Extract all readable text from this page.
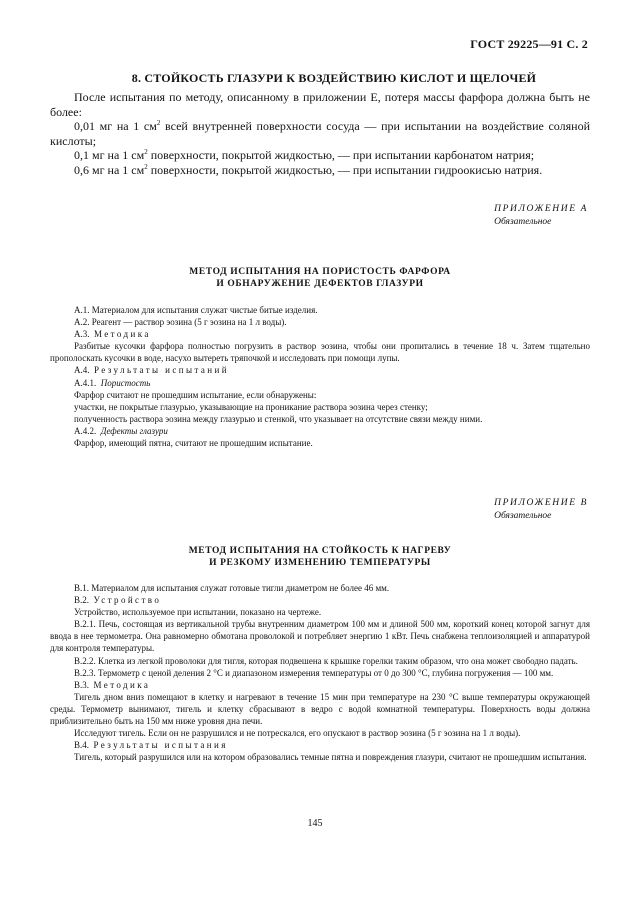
ГОСТ 29225—91 С. 2
8. СТОЙКОСТЬ ГЛАЗУРИ К ВОЗДЕЙСТВИЮ КИСЛОТ И ЩЕЛОЧЕЙ

После испытания по методу, описанному в приложении Е, потеря массы фарфора должна быть не более:

0,01 мг на 1 $см^2$ всей внутренней поверхности сосуда — при испытании на воздействие соляной кислоты;

0,1 мг на 1 $см^2$ поверхности, покрытой жидкостью, — при испытании карбонатом натрия;

0,6 мг на 1 $см^2$ поверхности, покрытой жидкостью, — при испытании гидроокисью натрия.

ПРИЛОЖЕНИЕ А
Обязательное
МЕТОД ИСПЫТАНИЯ НА ПОРИСТОСТЬ ФАРФОРА
И ОБНАРУЖЕНИЕ ДЕФЕКТОВ ГЛАЗУРИ

А.1. Материалом для испытания служат чистые битые изделия.

А.2. Реагент — раствор эозина (5 г эозина на 1 л воды).

А.3. Методика

Разбитые кусочки фарфора полностью погрузить в раствор эозина, чтобы они пропитались в течение 18 ч. Затем тщательно прополоскать кусочки в воде, насухо вытереть тряпочкой и исследовать при помощи лупы.

А.4. Результаты испытаний

А.4.1. Пористость

Фарфор считают не прошедшим испытание, если обнаружены:

участки, не покрытые глазурью, указывающие на проникание раствора эозина через стенку;

полученность раствора эозина между глазурью и стенкой, что указывает на отсутствие связи между ними.

А.4.2. Дефекты глазури

Фарфор, имеющий пятна, считают не прошедшим испытание.

ПРИЛОЖЕНИЕ В
Обязательное
МЕТОД ИСПЫТАНИЯ НА СТОЙКОСТЬ К НАГРЕВУ
И РЕЗКОМУ ИЗМЕНЕНИЮ ТЕМПЕРАТУРЫ

В.1. Материалом для испытания служат готовые тигли диаметром не более 46 мм.

В.2. Устройство

Устройство, используемое при испытании, показано на чертеже.

В.2.1. Печь, состоящая из вертикальной трубы внутренним диаметром 100 мм и длиной 500 мм, короткий конец которой загнут для ввода в нее термометра. Она равномерно обмотана проволокой и потребляет энергию 1 кВт. Печь снабжена теплоизоляцией и аппаратурой для контроля температуры.

В.2.2. Клетка из легкой проволоки для тигля, которая подвешена к крышке горелки таким образом, что она может свободно падать.

В.2.3. Термометр с ценой деления 2 °С и диапазоном измерения температуры от 0 до 300 °С, глубина погружения — 100 мм.

В.3. Методика

Тигель дном вниз помещают в клетку и нагревают в течение 15 мин при температуре на 230 °С выше температуры окружающей среды. Термометр вынимают, тигель и клетку сбрасывают в ведро с водой комнатной температуры. Поверхность воды должна приблизительно быть на 150 мм ниже уровня дна печи.

Исследуют тигель. Если он не разрушился и не потрескался, его опускают в раствор эозина (5 г эозина на 1 л воды).

В.4. Результаты испытания

Тигель, который разрушился или на котором образовались темные пятна и повреждения глазури, считают не прошедшим испытания.

145
